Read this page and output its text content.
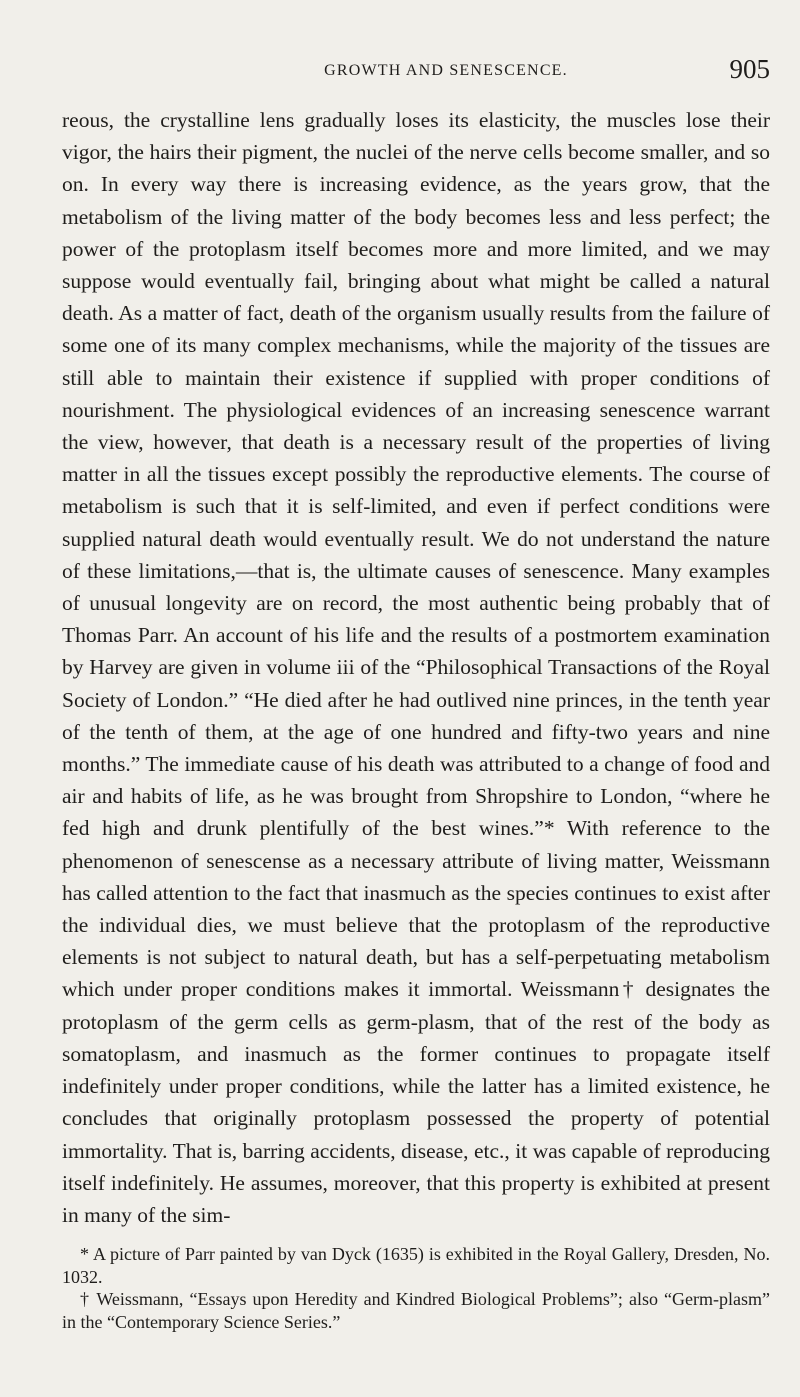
GROWTH AND SENESCENCE.	905

reous, the crystalline lens gradually loses its elasticity, the muscles lose their vigor, the hairs their pigment, the nuclei of the nerve cells become smaller, and so on. In every way there is increasing evidence, as the years grow, that the metabolism of the living matter of the body becomes less and less perfect; the power of the protoplasm itself becomes more and more limited, and we may suppose would eventually fail, bringing about what might be called a natural death. As a matter of fact, death of the organism usually results from the failure of some one of its many complex mechanisms, while the majority of the tissues are still able to maintain their existence if supplied with proper conditions of nourishment. The physiological evidences of an increasing senescence warrant the view, however, that death is a necessary result of the properties of living matter in all the tissues except possibly the reproductive elements. The course of metabolism is such that it is self-limited, and even if perfect conditions were supplied natural death would eventually result. We do not understand the nature of these limitations,—that is, the ultimate causes of senescence. Many examples of unusual longevity are on record, the most authentic being probably that of Thomas Parr. An account of his life and the results of a postmortem examination by Harvey are given in volume iii of the “Philosophical Transactions of the Royal Society of London.” “He died after he had outlived nine princes, in the tenth year of the tenth of them, at the age of one hundred and fifty-two years and nine months.” The immediate cause of his death was attributed to a change of food and air and habits of life, as he was brought from Shropshire to London, “where he fed high and drunk plentifully of the best wines.”* With reference to the phenomenon of senescense as a necessary attribute of living matter, Weissmann has called attention to the fact that inasmuch as the species continues to exist after the individual dies, we must believe that the protoplasm of the reproductive elements is not subject to natural death, but has a self-perpetuating metabolism which under proper conditions makes it immortal. Weissmann† designates the protoplasm of the germ cells as germ-plasm, that of the rest of the body as somatoplasm, and inasmuch as the former continues to propagate itself indefinitely under proper conditions, while the latter has a limited existence, he concludes that originally protoplasm possessed the property of potential immortality. That is, barring accidents, disease, etc., it was capable of reproducing itself indefinitely. He assumes, moreover, that this property is exhibited at present in many of the sim-

* A picture of Parr painted by van Dyck (1635) is exhibited in the Royal Gallery, Dresden, No. 1032.

† Weissmann, “Essays upon Heredity and Kindred Biological Problems”; also “Germ-plasm” in the “Contemporary Science Series.”
